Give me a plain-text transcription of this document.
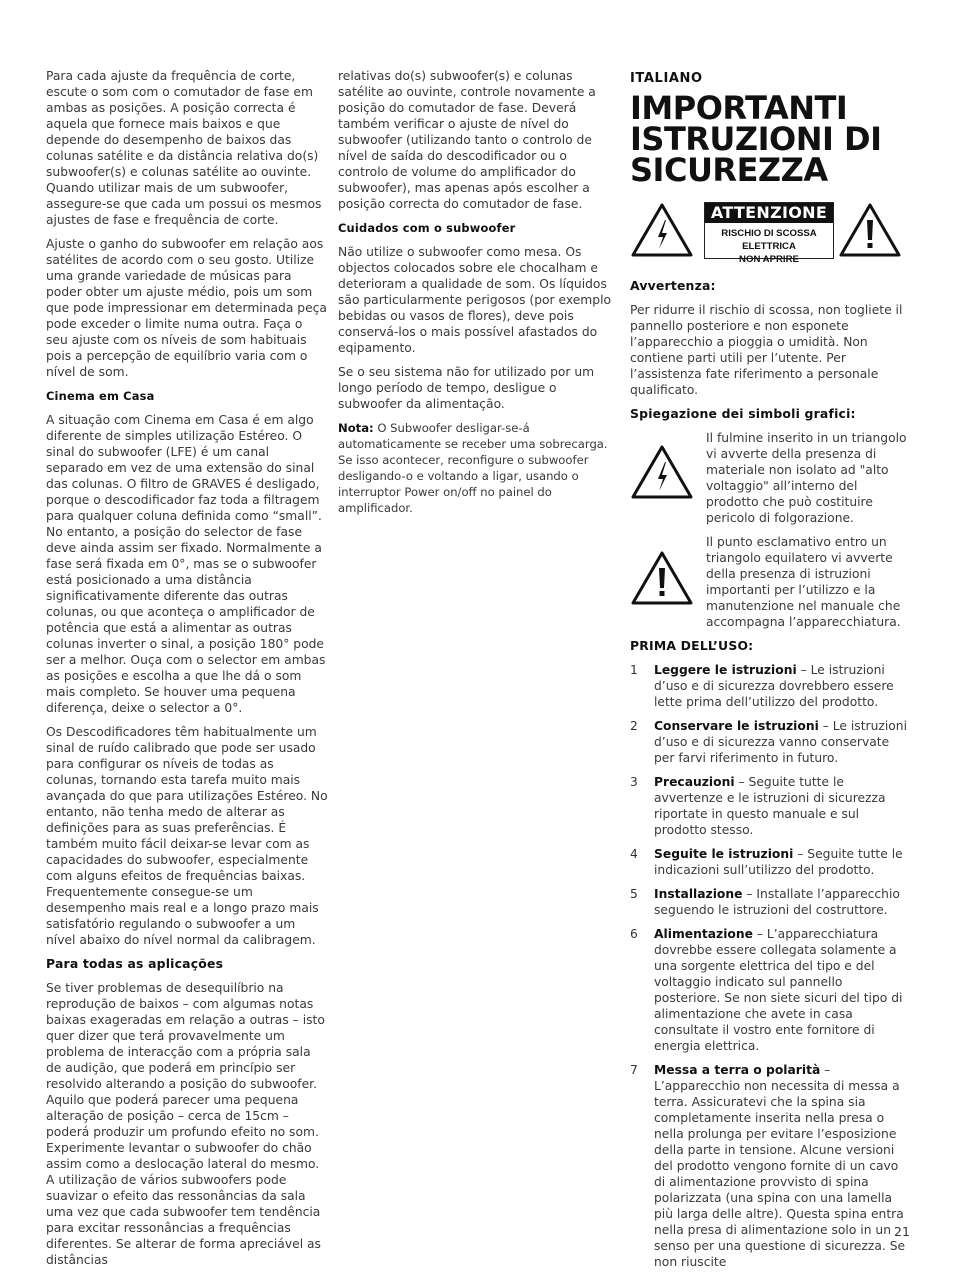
Para cada ajuste da frequência de corte, escute o som com o comutador de fase em ambas as posições. A posição correcta é aquela que fornece mais baixos e que depende do desempenho de baixos das colunas satélite e da distância relativa do(s) subwoofer(s) e colunas satélite ao ouvinte. Quando utilizar mais de um subwoofer, assegure-se que cada um possui os mesmos ajustes de fase e frequência de corte.

Ajuste o ganho do subwoofer em relação aos satélites de acordo com o seu gosto. Utilize uma grande variedade de músicas para poder obter um ajuste médio, pois um som que pode impressionar em determinada peça pode exceder o limite numa outra. Faça o seu ajuste com os níveis de som habituais pois a percepção de equilíbrio varia com o nível de som.

Cinema em Casa

A situação com Cinema em Casa é em algo diferente de simples utilização Estéreo. O sinal do subwoofer (LFE) é um canal separado em vez de uma extensão do sinal das colunas. O filtro de GRAVES é desligado, porque o descodificador faz toda a filtragem para qualquer coluna definida como “small”. No entanto, a posição do selector de fase deve ainda assim ser fixado. Normalmente a fase será fixada em 0°, mas se o subwoofer está posicionado a uma distância significativamente diferente das outras colunas, ou que aconteça o amplificador de potência que está a alimentar as outras colunas inverter o sinal, a posição 180° pode ser a melhor. Ouça com o selector em ambas as posições e escolha a que lhe dá o som mais completo. Se houver uma pequena diferença, deixe o selector a 0°.

Os Descodificadores têm habitualmente um sinal de ruído calibrado que pode ser usado para configurar os níveis de todas as colunas, tornando esta tarefa muito mais avançada do que para utilizações Estéreo. No entanto, não tenha medo de alterar as definições para as suas preferências. É também muito fácil deixar-se levar com as capacidades do subwoofer, especialmente com alguns efeitos de frequências baixas. Frequentemente consegue-se um desempenho mais real e a longo prazo mais satisfatório regulando o subwoofer a um nível abaixo do nível normal da calibragem.

Para todas as aplicações

Se tiver problemas de desequilíbrio na reprodução de baixos – com algumas notas baixas exageradas em relação a outras – isto quer dizer que terá provavelmente um problema de interacção com a própria sala de audição, que poderá em princípio ser resolvido alterando a posição do subwoofer. Aquilo que poderá parecer uma pequena alteração de posição – cerca de 15cm – poderá produzir um profundo efeito no som. Experimente levantar o subwoofer do chão assim como a deslocação lateral do mesmo. A utilização de vários subwoofers pode suavizar o efeito das ressonâncias da sala uma vez que cada subwoofer tem tendência para excitar ressonâncias a frequências diferentes. Se alterar de forma apreciável as distâncias

relativas do(s) subwoofer(s) e colunas satélite ao ouvinte, controle novamente a posição do comutador de fase. Deverá também verificar o ajuste de nível do subwoofer (utilizando tanto o controlo de nível de saída do descodificador ou o controlo de volume do amplificador do subwoofer), mas apenas após escolher a posição correcta do comutador de fase.

Cuidados com o subwoofer

Não utilize o subwoofer como mesa. Os objectos colocados sobre ele chocalham e deterioram a qualidade de som. Os líquidos são particularmente perigosos (por exemplo bebidas ou vasos de flores), deve pois conservá-los o mais possível afastados do eqipamento.

Se o seu sistema não for utilizado por um longo período de tempo, desligue o subwoofer da alimentação.

Nota: O Subwoofer desligar-se-á automaticamente se receber uma sobrecarga. Se isso acontecer, reconfigure o subwoofer desligando-o e voltando a ligar, usando o interruptor Power on/off no painel do amplificador.

ITALIANO
IMPORTANTI
ISTRUZIONI DI
SICUREZZA
ATTENZIONE
RISCHIO DI SCOSSA ELETTRICA
NON APRIRE
Avvertenza:

Per ridurre il rischio di scossa, non togliete il pannello posteriore e non esponete l’apparecchio a pioggia o umidità. Non contiene parti utili per l’utente. Per l’assistenza fate riferimento a personale qualificato.

Spiegazione dei simboli grafici:

Il fulmine inserito in un triangolo vi avverte della presenza di materiale non isolato ad "alto voltaggio" all’interno del prodotto che può costituire pericolo di folgorazione.

Il punto esclamativo entro un triangolo equilatero vi avverte della presenza di istruzioni importanti per l’utilizzo e la manutenzione nel manuale che accompagna l’apparecchiatura.

PRIMA DELL’USO:
1 Leggere le istruzioni – Le istruzioni d’uso e di sicurezza dovrebbero essere lette prima dell’utilizzo del prodotto.
2 Conservare le istruzioni – Le istruzioni d’uso e di sicurezza vanno conservate per farvi riferimento in futuro.
3 Precauzioni – Seguite tutte le avvertenze e le istruzioni di sicurezza riportate in questo manuale e sul prodotto stesso.
4 Seguite le istruzioni – Seguite tutte le indicazioni sull’utilizzo del prodotto.
5 Installazione – Installate l’apparecchio seguendo le istruzioni del costruttore.
6 Alimentazione – L’apparecchiatura dovrebbe essere collegata solamente a una sorgente elettrica del tipo e del voltaggio indicato sul pannello posteriore. Se non siete sicuri del tipo di alimentazione che avete in casa consultate il vostro ente fornitore di energia elettrica.
7 Messa a terra o polarità – L’apparecchio non necessita di messa a terra. Assicuratevi che la spina sia completamente inserita nella presa o nella prolunga per evitare l’esposizione della parte in tensione. Alcune versioni del prodotto vengono fornite di un cavo di alimentazione provvisto di spina polarizzata (una spina con una lamella più larga delle altre). Questa spina entra nella presa di alimentazione solo in un senso per una questione di sicurezza. Se non riuscite
21
